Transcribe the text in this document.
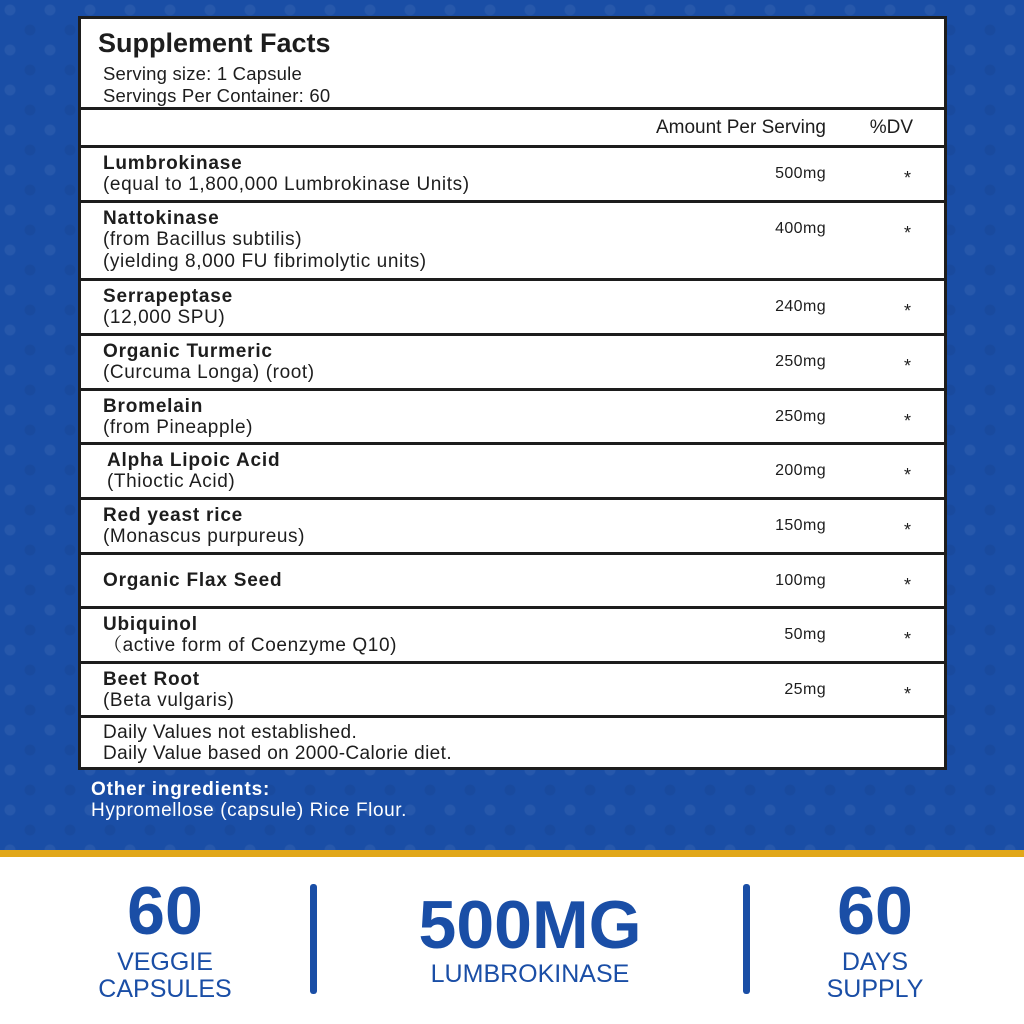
Supplement Facts
Serving size: 1 Capsule
Servings Per Container: 60
Amount Per Serving %DV
Lumbrokinase
(equal to 1,800,000 Lumbrokinase Units)
500mg	*
Nattokinase
(from Bacillus subtilis)
(yielding 8,000 FU fibrimolytic units)
400mg	*
Serrapeptase
(12,000 SPU)
240mg	*
Organic Turmeric
(Curcuma Longa) (root)
250mg	*
Bromelain
(from Pineapple)
250mg	*
Alpha Lipoic Acid
(Thioctic Acid)
200mg	*
Red yeast rice
(Monascus purpureus)
150mg	*
Organic Flax Seed	100mg	*
Ubiquinol
（active form of Coenzyme Q10)
50mg	*
Beet Root
(Beta vulgaris)
25mg	*
Daily Values not established.
Daily Value based on 2000-Calorie diet.
Other ingredients:
Hypromellose (capsule) Rice Flour.
60
VEGGIE
CAPSULES
500MG
LUMBROKINASE
60
DAYS
SUPPLY
